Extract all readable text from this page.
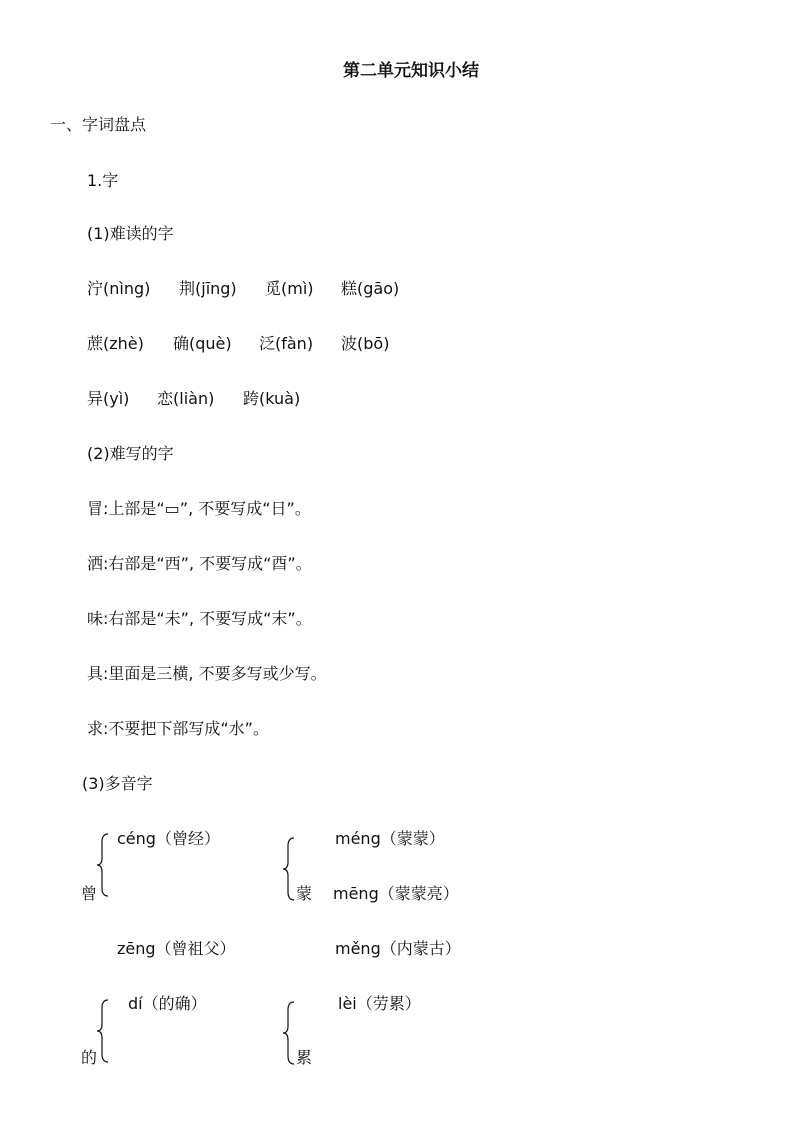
第二单元知识小结
一、字词盘点
1.字
(1)难读的字
泞(nìng) 荆(jīng) 觅(mì) 糕(gāo)
蔗(zhè) 确(què) 泛(fàn) 波(bō)
异(yì) 恋(liàn) 跨(kuà)
(2)难写的字
冒:上部是“▭”, 不要写成“日”。
洒:右部是“西”, 不要写成“酉”。
味:右部是“未”, 不要写成“末”。
具:里面是三横, 不要多写或少写。
求:不要把下部写成“水”。
(3)多音字
曾
céng（曾经）
zēng（曾祖父）
蒙
méng（蒙蒙）
mēng（蒙蒙亮）
měng（内蒙古）
的
dí（的确）
累
lèi（劳累）
